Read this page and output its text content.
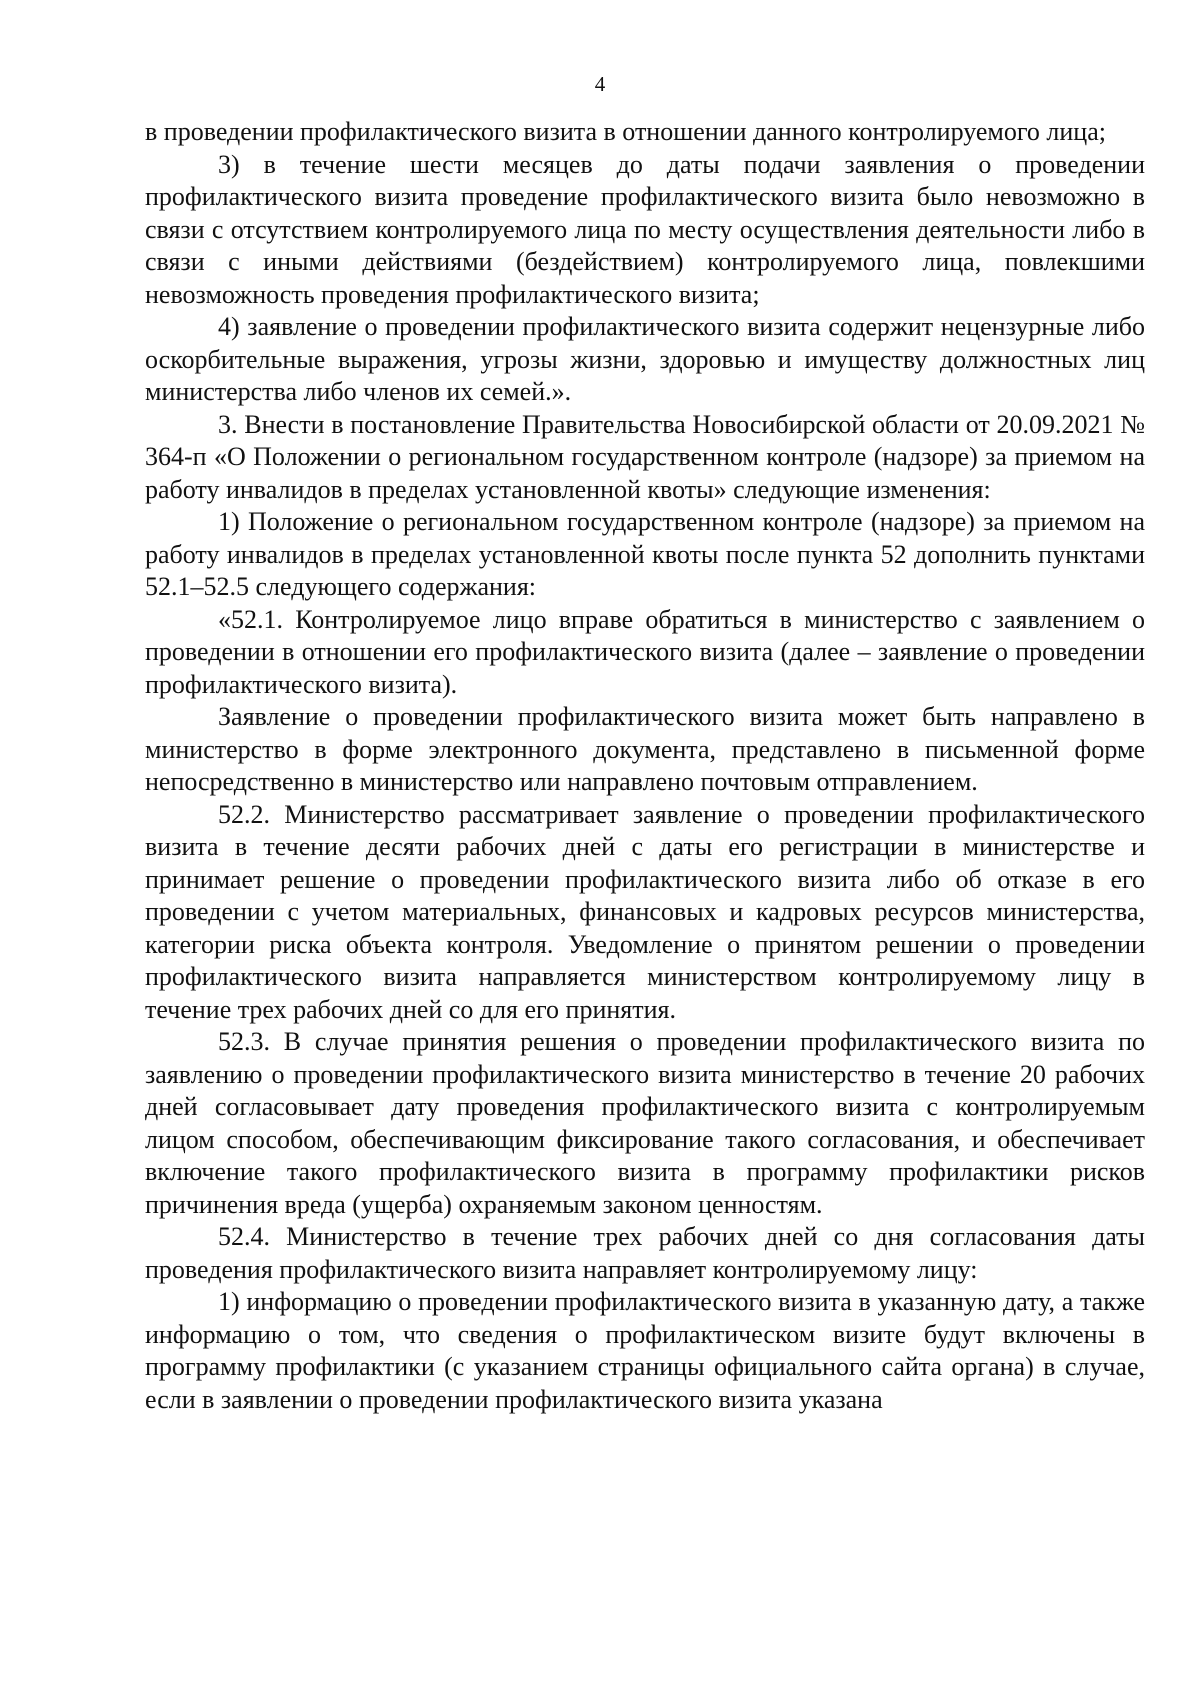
4

в проведении профилактического визита в отношении данного контролируемого лица;

3) в течение шести месяцев до даты подачи заявления о проведении профилактического визита проведение профилактического визита было невозможно в связи с отсутствием контролируемого лица по месту осуществления деятельности либо в связи с иными действиями (бездействием) контролируемого лица, повлекшими невозможность проведения профилактического визита;

4) заявление о проведении профилактического визита содержит нецензурные либо оскорбительные выражения, угрозы жизни, здоровью и имуществу должностных лиц министерства либо членов их семей.».

3. Внести в постановление Правительства Новосибирской области от 20.09.2021 № 364-п «О Положении о региональном государственном контроле (надзоре) за приемом на работу инвалидов в пределах установленной квоты» следующие изменения:

1) Положение о региональном государственном контроле (надзоре) за приемом на работу инвалидов в пределах установленной квоты после пункта 52 дополнить пунктами 52.1–52.5 следующего содержания:

«52.1. Контролируемое лицо вправе обратиться в министерство с заявлением о проведении в отношении его профилактического визита (далее – заявление о проведении профилактического визита).

Заявление о проведении профилактического визита может быть направлено в министерство в форме электронного документа, представлено в письменной форме непосредственно в министерство или направлено почтовым отправлением.

52.2. Министерство рассматривает заявление о проведении профилактического визита в течение десяти рабочих дней с даты его регистрации в министерстве и принимает решение о проведении профилактического визита либо об отказе в его проведении с учетом материальных, финансовых и кадровых ресурсов министерства, категории риска объекта контроля. Уведомление о принятом решении о проведении профилактического визита направляется министерством контролируемому лицу в течение трех рабочих дней со для его принятия.

52.3. В случае принятия решения о проведении профилактического визита по заявлению о проведении профилактического визита министерство в течение 20 рабочих дней согласовывает дату проведения профилактического визита с контролируемым лицом способом, обеспечивающим фиксирование такого согласования, и обеспечивает включение такого профилактического визита в программу профилактики рисков причинения вреда (ущерба) охраняемым законом ценностям.

52.4. Министерство в течение трех рабочих дней со дня согласования даты проведения профилактического визита направляет контролируемому лицу:

1) информацию о проведении профилактического визита в указанную дату, а также информацию о том, что сведения о профилактическом визите будут включены в программу профилактики (с указанием страницы официального сайта органа) в случае, если в заявлении о проведении профилактического визита указана
